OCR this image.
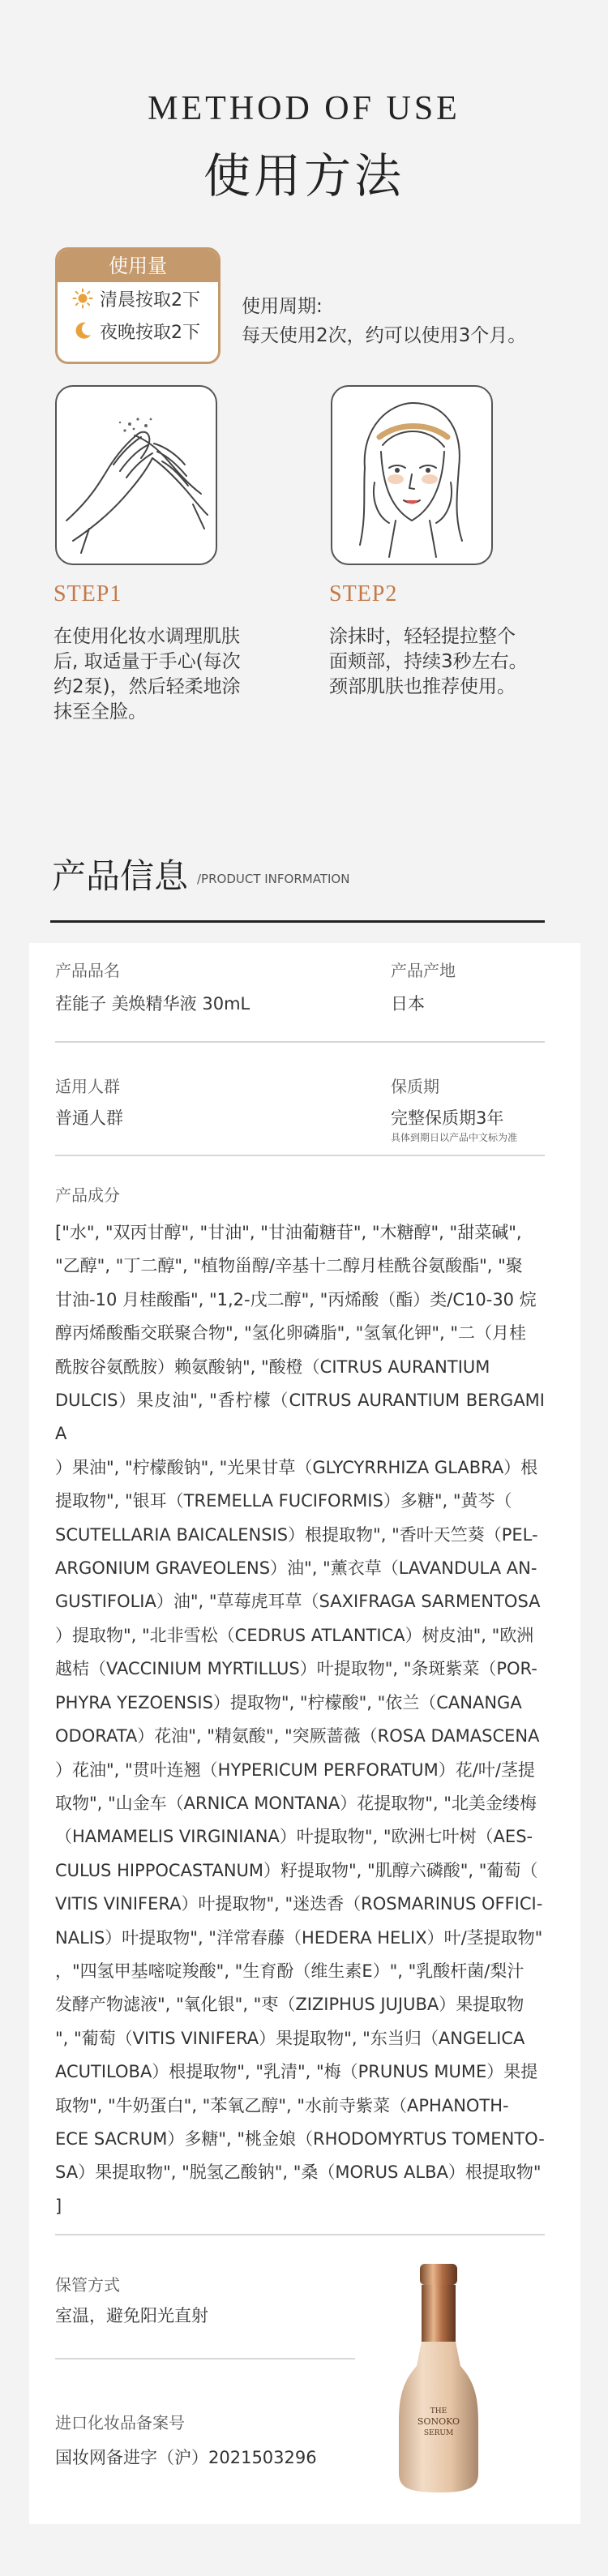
METHOD OF USE
使用方法
使用量
清晨按取2下
夜晚按取2下
使用周期:
每天使用2次，约可以使用3个月。
STEP1
在使用化妆水调理肌肤
后, 取适量于手心(每次
约2泵)，然后轻柔地涂
抹至全脸。
STEP2
涂抹时，轻轻提拉整个
面颊部，持续3秒左右。
颈部肌肤也推荐使用。
产品信息 /PRODUCT INFORMATION
产品品名
茬能子 美焕精华液 30mL
产品产地
日本
适用人群
普通人群
保质期
完整保质期3年
具体到期日以产品中文标为准
产品成分
["水", "双丙甘醇", "甘油", "甘油葡糖苷", "木糖醇", "甜菜碱",
"乙醇", "丁二醇", "植物甾醇/辛基十二醇月桂酰谷氨酸酯", "聚
甘油-10 月桂酸酯", "1,2-戊二醇", "丙烯酸（酯）类/C10-30 烷
醇丙烯酸酯交联聚合物", "氢化卵磷脂", "氢氧化钾", "二（月桂
酰胺谷氨酰胺）赖氨酸钠", "酸橙（CITRUS AURANTIUM
DULCIS）果皮油", "香柠檬（CITRUS AURANTIUM BERGAMIA
）果油", "柠檬酸钠", "光果甘草（GLYCYRRHIZA GLABRA）根
提取物", "银耳（TREMELLA FUCIFORMIS）多糖", "黄芩（
SCUTELLARIA BAICALENSIS）根提取物", "香叶天竺葵（PEL-
ARGONIUM GRAVEOLENS）油", "薰衣草（LAVANDULA AN-
GUSTIFOLIA）油", "草莓虎耳草（SAXIFRAGA SARMENTOSA
）提取物", "北非雪松（CEDRUS ATLANTICA）树皮油", "欧洲
越桔（VACCINIUM MYRTILLUS）叶提取物", "条斑紫菜（POR-
PHYRA YEZOENSIS）提取物", "柠檬酸", "依兰（CANANGA
ODORATA）花油", "精氨酸", "突厥蔷薇（ROSA DAMASCENA
）花油", "贯叶连翘（HYPERICUM PERFORATUM）花/叶/茎提
取物", "山金车（ARNICA MONTANA）花提取物", "北美金缕梅
（HAMAMELIS VIRGINIANA）叶提取物", "欧洲七叶树（AES-
CULUS HIPPOCASTANUM）籽提取物", "肌醇六磷酸", "葡萄（
VITIS VINIFERA）叶提取物", "迷迭香（ROSMARINUS OFFICI-
NALIS）叶提取物", "洋常春藤（HEDERA HELIX）叶/茎提取物"
，"四氢甲基嘧啶羧酸", "生育酚（维生素E）", "乳酸杆菌/梨汁
发酵产物滤液", "氧化银", "枣（ZIZIPHUS JUJUBA）果提取物
", "葡萄（VITIS VINIFERA）果提取物", "东当归（ANGELICA
ACUTILOBA）根提取物", "乳清", "梅（PRUNUS MUME）果提
取物", "牛奶蛋白", "苯氧乙醇", "水前寺紫菜（APHANOTH-
ECE SACRUM）多糖", "桃金娘（RHODOMYRTUS TOMENTO-
SA）果提取物", "脱氢乙酸钠", "桑（MORUS ALBA）根提取物"
]
保管方式
室温，避免阳光直射
进口化妆品备案号
国妆网备进字（沪）2021503296
THE
SONOKO
SERUM
